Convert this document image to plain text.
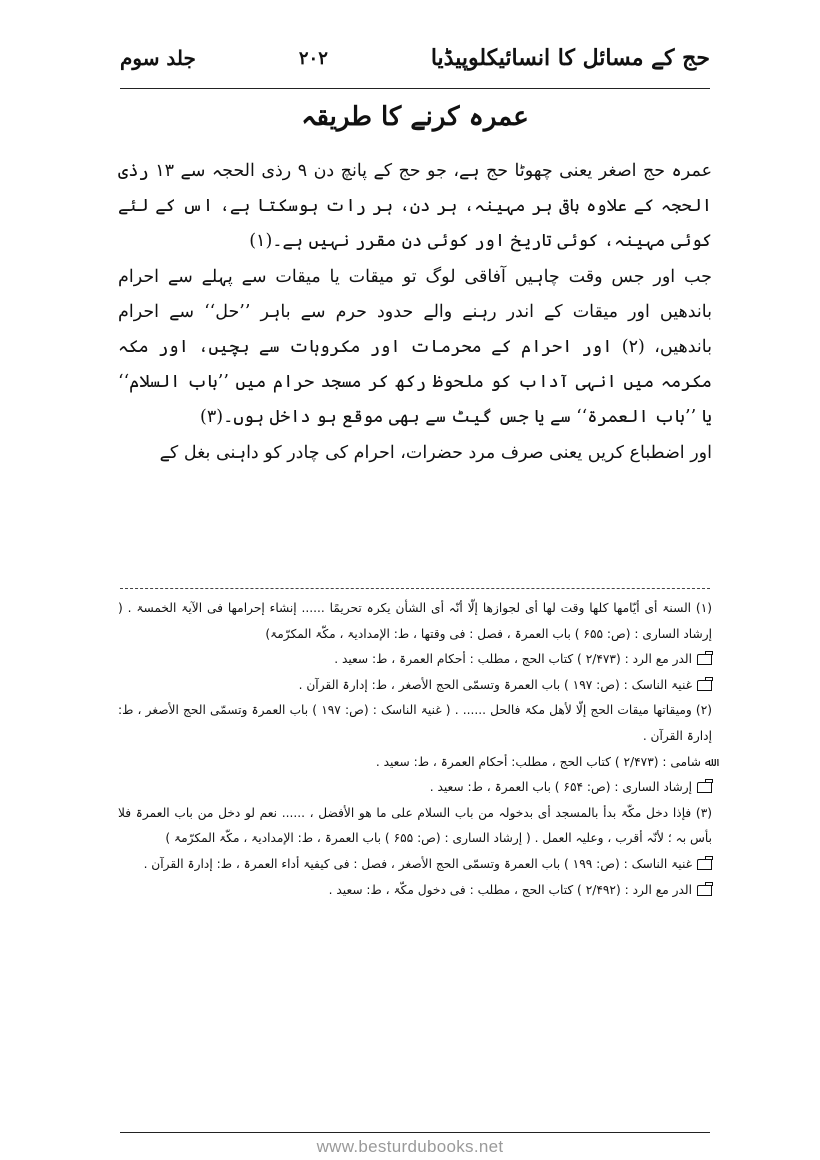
جلد سوم	۲۰۲	حج کے مسائل کا انسائیکلوپیڈیا
عمرہ کرنے کا طریقہ

عمرہ حج اصغر یعنی چھوٹا حج ہے، جو حج کے پانچ دن ۹ رذی الحجہ سے ۱۳ رذی الحجہ کے علاوہ باقی ہر مہینہ، ہر دن، ہر رات ہوسکتا ہے، اس کے لئے کوئی مہینہ، کوئی تاریخ اور کوئی دن مقرر نہیں ہے۔(۱)

جب اور جس وقت چاہیں آفاقی لوگ تو میقات یا میقات سے پہلے سے احرام باندھیں اور میقات کے اندر رہنے والے حدود حرم سے باہر ’’حل‘‘ سے احرام باندھیں، (۲) اور احرام کے محرمات اور مکروہات سے بچیں، اور مکہ مکرمہ میں انہی آداب کو ملحوظ رکھ کر مسجد حرام میں ’’باب السلام‘‘ یا ’’باب العمرۃ‘‘ سے یا جس گیٹ سے بھی موقع ہو داخل ہوں۔(۳)

اور اضطباع کریں یعنی صرف مرد حضرات، احرام کی چادر کو داہنی بغل کے

(۱) السنۃ أی أیّامھا کلھا وقت لھا أی لجوازھا إلّا أنّہ أی الشأن یکرہ تحریمًا ...... إنشاء إحرامھا فی الآیۃ الخمسۃ . ( إرشاد الساری : (ص: ۶۵۵ ) باب العمرۃ ، فصل : فی وقتھا ، ط: الإمدادیۃ ، مکّۃ المکرّمۃ)

الدر مع الرد : (۲/۴۷۳ ) کتاب الحج ، مطلب : أحکام العمرۃ ، ط: سعید .

غنیۃ الناسک : (ص: ۱۹۷ ) باب العمرۃ وتسمّی الحج الأصغر ، ط: إدارۃ القرآن .

(۲) ومیقاتھا میقات الحج إلّا لأھل مکۃ فالحل ...... . ( غنیۃ الناسک : (ص: ۱۹۷ ) باب العمرۃ وتسمّی الحج الأصغر ، ط: إدارۃ القرآن .

ﷲ شامی : (۲/۴۷۳ ) کتاب الحج ، مطلب: أحکام العمرۃ ، ط: سعید .

إرشاد الساری : (ص: ۶۵۴ ) باب العمرۃ ، ط: سعید .

(۳) فإذا دخل مکّۃ بدأ بالمسجد أی بدخولہ من باب السلام علی ما ھو الأفضل ، ...... نعم لو دخل من باب العمرۃ فلا بأس بہ ؛ لأنّہ أقرب ، وعلیہ العمل . ( إرشاد الساری : (ص: ۶۵۵ ) باب العمرۃ ، ط: الإمدادیۃ ، مکّۃ المکرّمۃ )

غنیۃ الناسک : (ص: ۱۹۹ ) باب العمرۃ وتسمّی الحج الأصغر ، فصل : فی کیفیۃ أداء العمرۃ ، ط: إدارۃ القرآن .

الدر مع الرد : (۲/۴۹۲ ) کتاب الحج ، مطلب : فی دخول مکّۃ ، ط: سعید .

www.besturdubooks.net
